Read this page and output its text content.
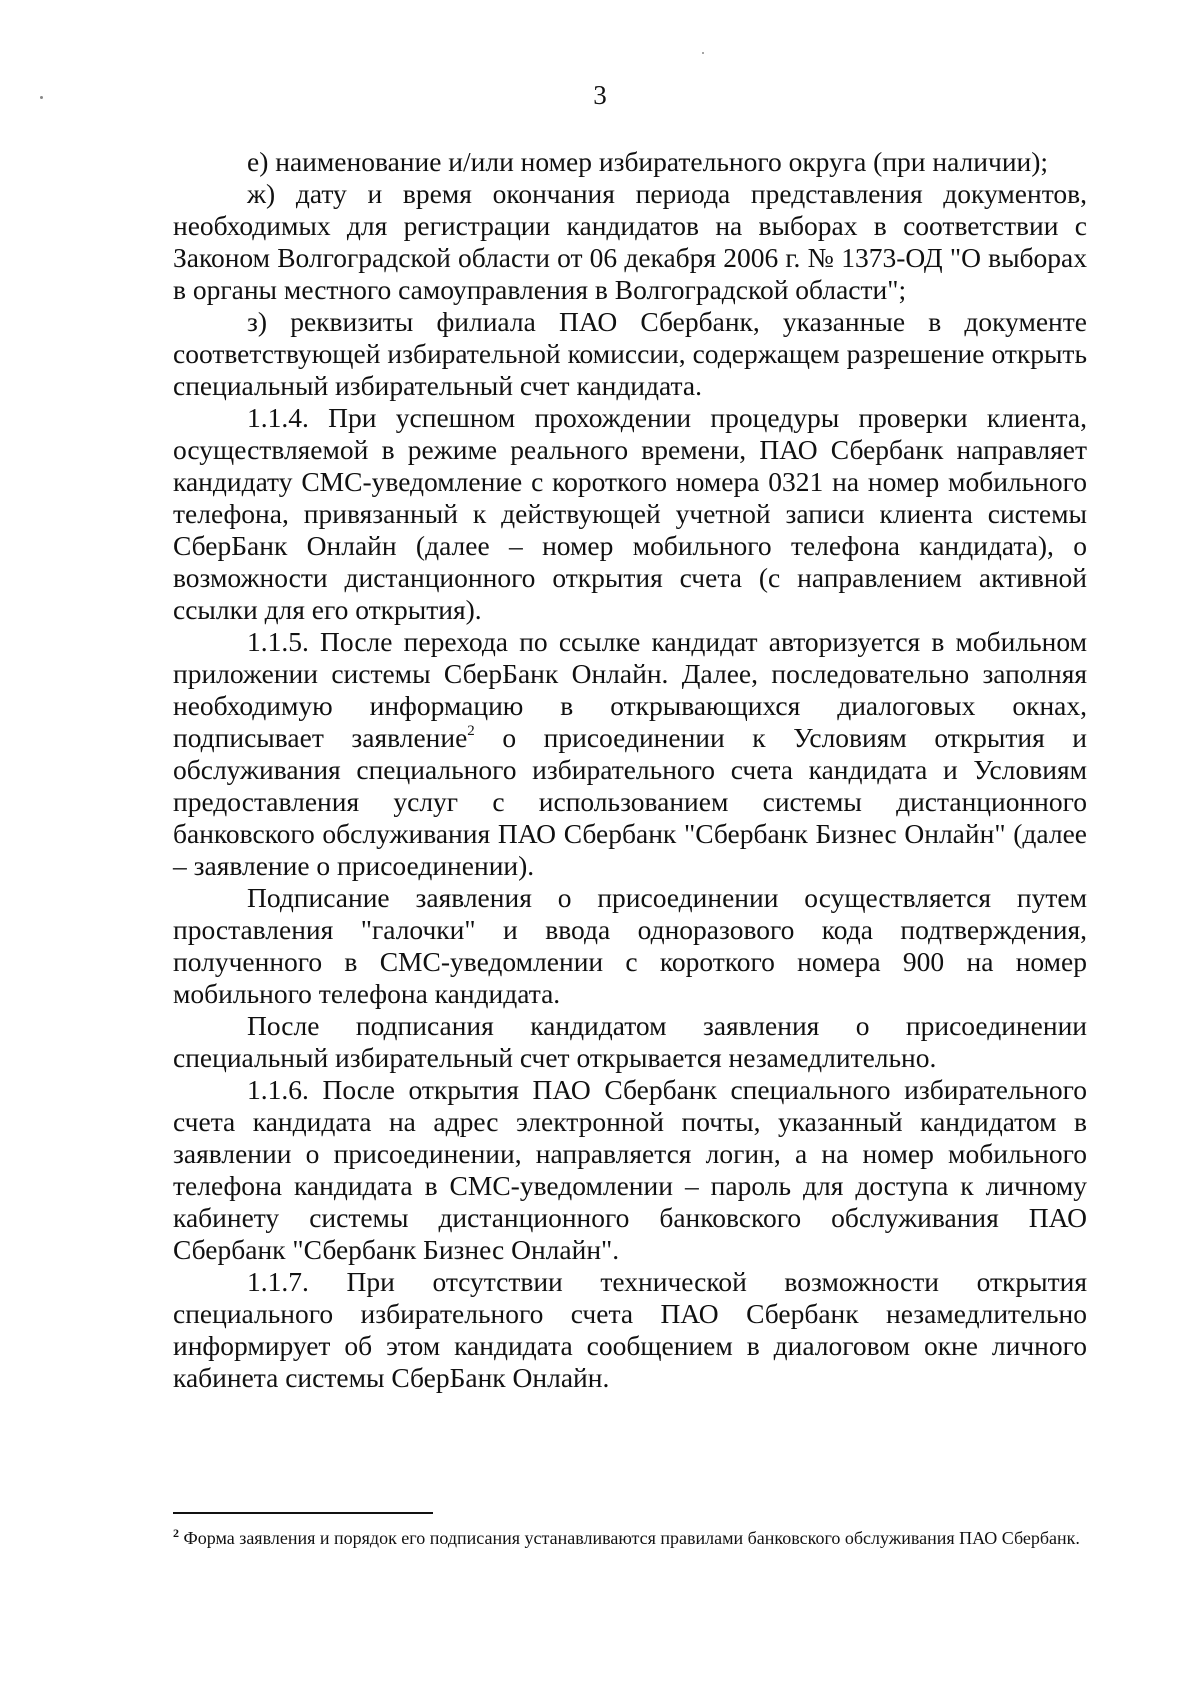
3

е) наименование и/или номер избирательного округа (при наличии);

ж) дату и время окончания периода представления документов, необходимых для регистрации кандидатов на выборах в соответствии с Законом Волгоградской области от 06 декабря 2006 г. № 1373-ОД "О выборах в органы местного самоуправления в Волгоградской области";

з) реквизиты филиала ПАО Сбербанк, указанные в документе соответствующей избирательной комиссии, содержащем разрешение открыть специальный избирательный счет кандидата.

1.1.4. При успешном прохождении процедуры проверки клиента, осуществляемой в режиме реального времени, ПАО Сбербанк направляет кандидату СМС-уведомление с короткого номера 0321 на номер мобильного телефона, привязанный к действующей учетной записи клиента системы СберБанк Онлайн (далее – номер мобильного телефона кандидата), о возможности дистанционного открытия счета (с направлением активной ссылки для его открытия).

1.1.5. После перехода по ссылке кандидат авторизуется в мобильном приложении системы СберБанк Онлайн. Далее, последовательно заполняя необходимую информацию в открывающихся диалоговых окнах, подписывает заявление$^2$ о присоединении к Условиям открытия и обслуживания специального избирательного счета кандидата и Условиям предоставления услуг с использованием системы дистанционного банковского обслуживания ПАО Сбербанк "Сбербанк Бизнес Онлайн" (далее – заявление о присоединении).

Подписание заявления о присоединении осуществляется путем проставления "галочки" и ввода одноразового кода подтверждения, полученного в СМС-уведомлении с короткого номера 900 на номер мобильного телефона кандидата.

После подписания кандидатом заявления о присоединении специальный избирательный счет открывается незамедлительно.

1.1.6. После открытия ПАО Сбербанк специального избирательного счета кандидата на адрес электронной почты, указанный кандидатом в заявлении о присоединении, направляется логин, а на номер мобильного телефона кандидата в СМС-уведомлении – пароль для доступа к личному кабинету системы дистанционного банковского обслуживания ПАО Сбербанк "Сбербанк Бизнес Онлайн".

1.1.7. При отсутствии технической возможности открытия специального избирательного счета ПАО Сбербанк незамедлительно информирует об этом кандидата сообщением в диалоговом окне личного кабинета системы СберБанк Онлайн.

$^2$ Форма заявления и порядок его подписания устанавливаются правилами банковского обслуживания ПАО Сбербанк.
